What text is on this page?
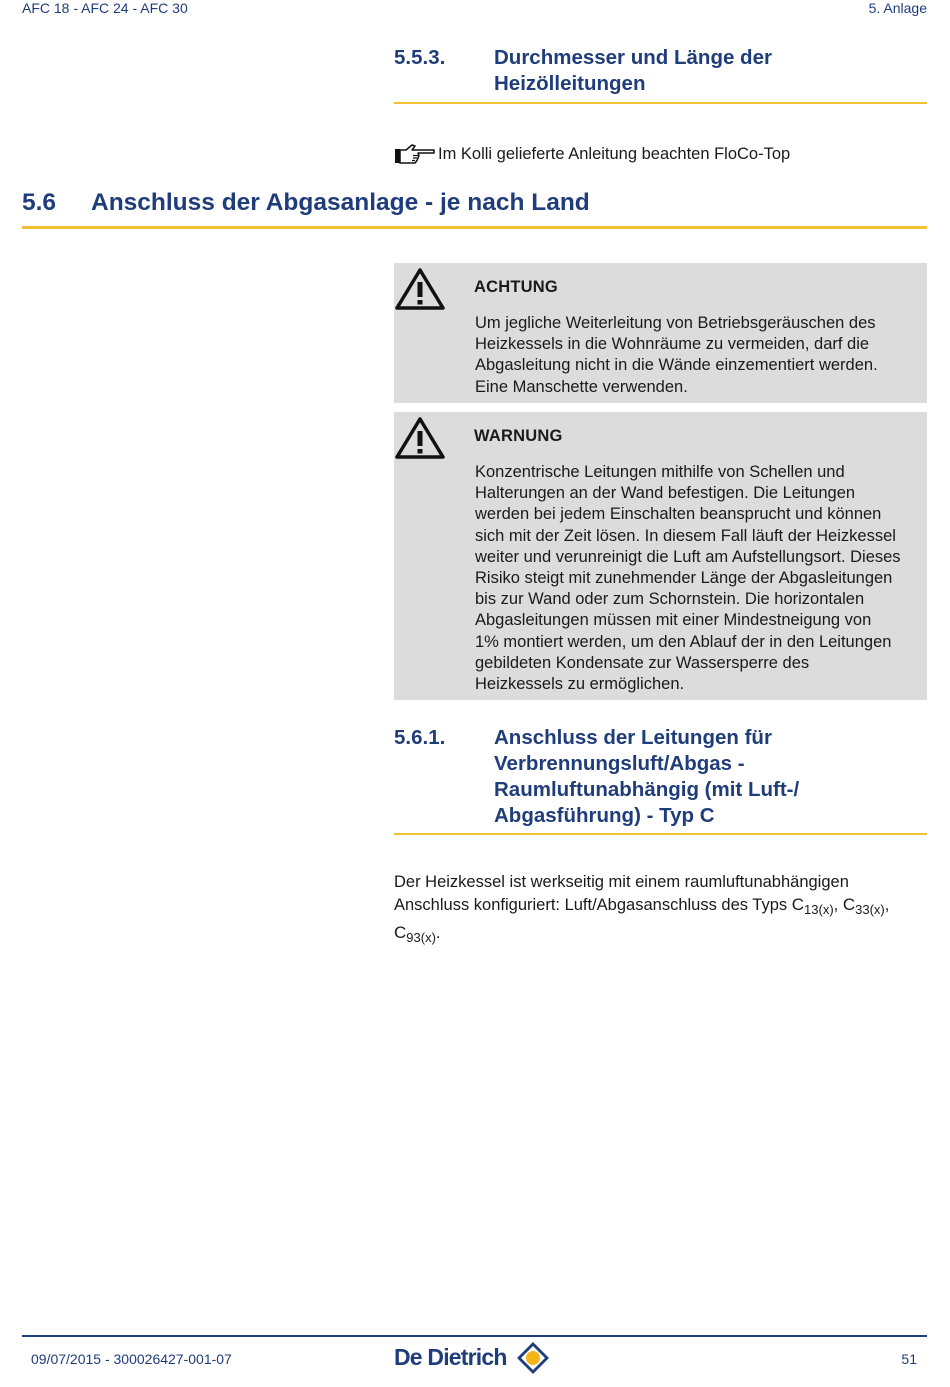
AFC 18 - AFC 24 - AFC 30	5. Anlage
5.5.3. Durchmesser und Länge der
Heizölleitungen
Im Kolli gelieferte Anleitung beachten FloCo-Top
5.6 Anschluss der Abgasanlage - je nach Land
ACHTUNG
Um jegliche Weiterleitung von Betriebsgeräuschen des
Heizkessels in die Wohnräume zu vermeiden, darf die
Abgasleitung nicht in die Wände einzementiert werden.
Eine Manschette verwenden.
WARNUNG
Konzentrische Leitungen mithilfe von Schellen und
Halterungen an der Wand befestigen. Die Leitungen
werden bei jedem Einschalten beansprucht und können
sich mit der Zeit lösen. In diesem Fall läuft der Heizkessel
weiter und verunreinigt die Luft am Aufstellungsort. Dieses
Risiko steigt mit zunehmender Länge der Abgasleitungen
bis zur Wand oder zum Schornstein. Die horizontalen
Abgasleitungen müssen mit einer Mindestneigung von
1% montiert werden, um den Ablauf der in den Leitungen
gebildeten Kondensate zur Wassersperre des
Heizkessels zu ermöglichen.
5.6.1. Anschluss der Leitungen für
Verbrennungsluft/Abgas -
Raumluftunabhängig (mit Luft-/
Abgasführung) - Typ C
Der Heizkessel ist werkseitig mit einem raumluftunabhängigen
Anschluss konfiguriert: Luft/Abgasanschluss des Typs $C_{13(x)}$, $C_{33(x)}$,
$C_{93(x)}$.
09/07/2015 - 300026427-001-07	De Dietrich	51
